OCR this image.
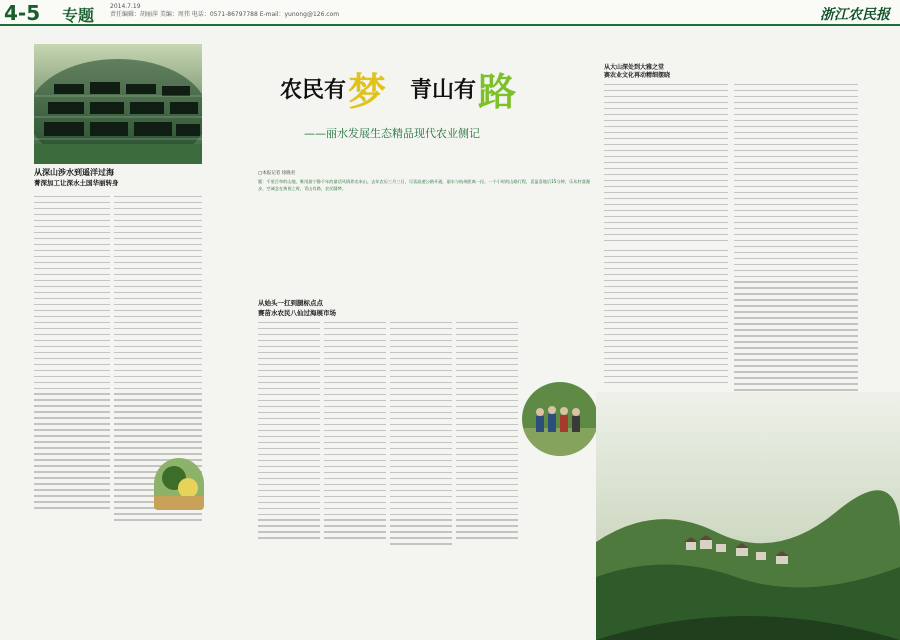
4-5 专题	2014.7.19
责任编辑：胡丽萍 美编：周伟 电话：0571-86797788 E-mail：yunong@126.com	浙江农民报
从深山涉水到遥洋过海
菁深加工让深水土国华丽转身
农民有 梦 青山有 路
——丽水发展生态精品现代农业侧记
□本报记者 徐晓君
题：千里百草的山地，唯用最宁静千年的童话风情养出来山。去年农历三月三日，尽喜高速公路开通，丽水与杭州距离一径。一个小时的山路行程，喜盈喜地后15分钟，乐从村落漫步，空诚念在黄昏之时，青山有路，农民圆梦。
从始头一扛到腿标点点
赛苗水农民八仙过海展市场
从大山深处到大雅之堂
赛农业文化再动精细摆晓
